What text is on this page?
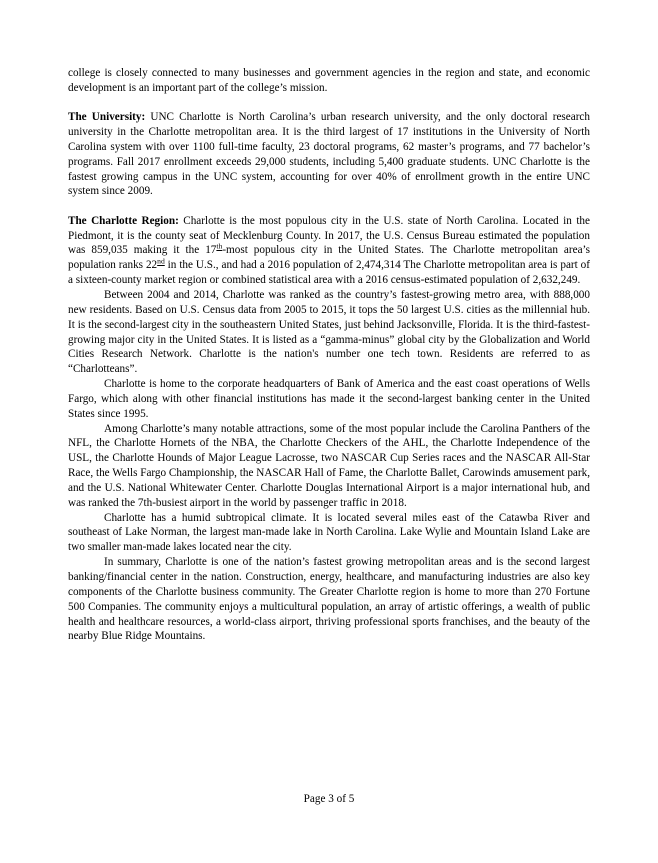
college is closely connected to many businesses and government agencies in the region and state, and economic development is an important part of the college’s mission.

The University: UNC Charlotte is North Carolina’s urban research university, and the only doctoral research university in the Charlotte metropolitan area. It is the third largest of 17 institutions in the University of North Carolina system with over 1100 full-time faculty, 23 doctoral programs, 62 master’s programs, and 77 bachelor’s programs. Fall 2017 enrollment exceeds 29,000 students, including 5,400 graduate students. UNC Charlotte is the fastest growing campus in the UNC system, accounting for over 40% of enrollment growth in the entire UNC system since 2009.

The Charlotte Region: Charlotte is the most populous city in the U.S. state of North Carolina. Located in the Piedmont, it is the county seat of Mecklenburg County. In 2017, the U.S. Census Bureau estimated the population was 859,035 making it the 17th-most populous city in the United States. The Charlotte metropolitan area’s population ranks 22nd in the U.S., and had a 2016 population of 2,474,314 The Charlotte metropolitan area is part of a sixteen-county market region or combined statistical area with a 2016 census-estimated population of 2,632,249.

Between 2004 and 2014, Charlotte was ranked as the country’s fastest-growing metro area, with 888,000 new residents. Based on U.S. Census data from 2005 to 2015, it tops the 50 largest U.S. cities as the millennial hub. It is the second-largest city in the southeastern United States, just behind Jacksonville, Florida. It is the third-fastest-growing major city in the United States. It is listed as a “gamma-minus” global city by the Globalization and World Cities Research Network. Charlotte is the nation's number one tech town. Residents are referred to as “Charlotteans”.

Charlotte is home to the corporate headquarters of Bank of America and the east coast operations of Wells Fargo, which along with other financial institutions has made it the second-largest banking center in the United States since 1995.

Among Charlotte’s many notable attractions, some of the most popular include the Carolina Panthers of the NFL, the Charlotte Hornets of the NBA, the Charlotte Checkers of the AHL, the Charlotte Independence of the USL, the Charlotte Hounds of Major League Lacrosse, two NASCAR Cup Series races and the NASCAR All-Star Race, the Wells Fargo Championship, the NASCAR Hall of Fame, the Charlotte Ballet, Carowinds amusement park, and the U.S. National Whitewater Center. Charlotte Douglas International Airport is a major international hub, and was ranked the 7th-busiest airport in the world by passenger traffic in 2018.

Charlotte has a humid subtropical climate. It is located several miles east of the Catawba River and southeast of Lake Norman, the largest man-made lake in North Carolina. Lake Wylie and Mountain Island Lake are two smaller man-made lakes located near the city.

In summary, Charlotte is one of the nation’s fastest growing metropolitan areas and is the second largest banking/financial center in the nation. Construction, energy, healthcare, and manufacturing industries are also key components of the Charlotte business community. The Greater Charlotte region is home to more than 270 Fortune 500 Companies. The community enjoys a multicultural population, an array of artistic offerings, a wealth of public health and healthcare resources, a world-class airport, thriving professional sports franchises, and the beauty of the nearby Blue Ridge Mountains.

Page 3 of 5
